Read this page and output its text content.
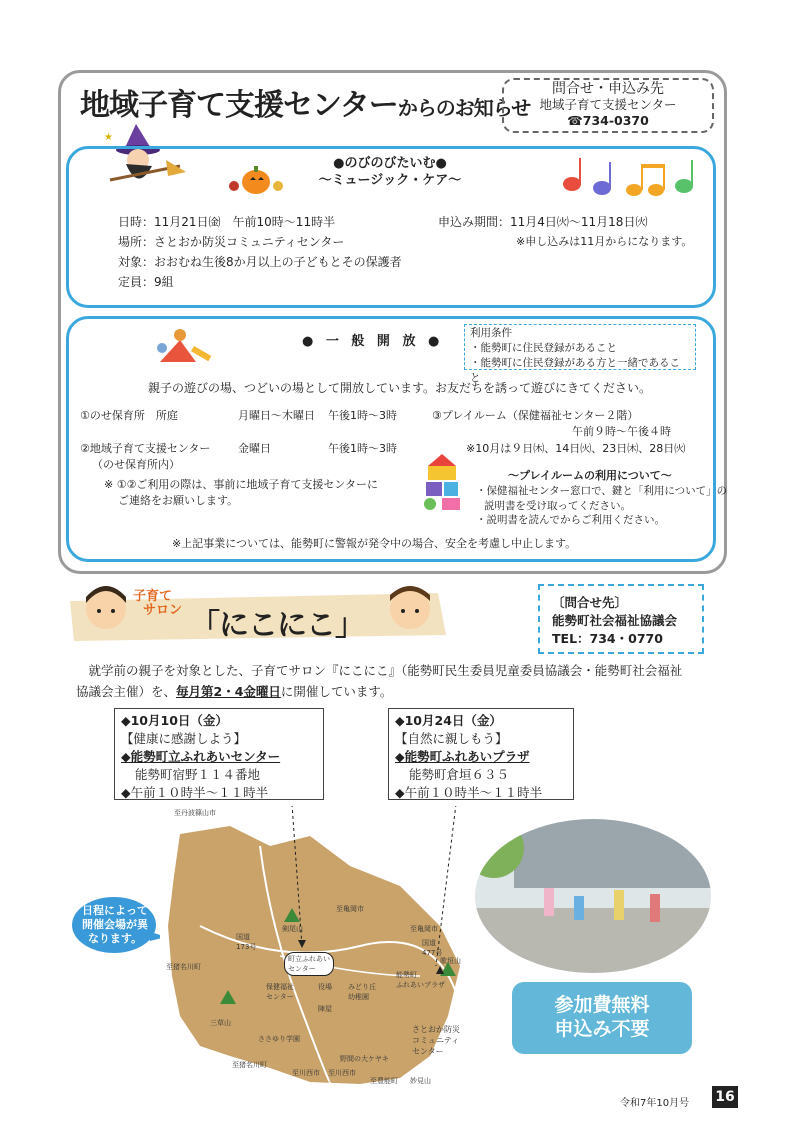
地域子育て支援センターからのお知らせ
問合せ・申込み先
地域子育て支援センター
☎734-0370
★
●のびのびたいむ●
～ミュージック・ケア～
日時：11月21日㈮　午前10時～11時半
場所：さとおか防災コミュニティセンター
対象：おおむね生後8か月以上の子どもとその保護者
定員：9組
申込み期間：11月4日㈫～11月18日㈫
※申し込みは11月からになります。
● 一 般 開 放 ●
利用条件
・能勢町に住民登録があること
・能勢町に住民登録がある方と一緒であること
親子の遊びの場、つどいの場として開放しています。お友だちを誘って遊びにきてください。
①のせ保育所　所庭	月曜日～木曜日 午後1時～3時
②地域子育て支援センター
（のせ保育所内）
金曜日	午後1時～3時
③プレイルーム（保健福祉センター２階）
午前９時～午後４時
※10月は９日㈭、14日㈫、23日㈭、28日㈫
※ ①②ご利用の際は、事前に地域子育て支援センターに
ご連絡をお願いします。
～プレイルームの利用について～
・保健福祉センター窓口で、鍵と「利用について」の
説明書を受け取ってください。
・説明書を読んでからご利用ください。
※上記事業については、能勢町に警報が発令中の場合、安全を考慮し中止します。
子育て
サロン 「にこにこ」
〔問合せ先〕
能勢町社会福祉協議会
TEL：734・0770
　就学前の親子を対象とした、子育てサロン『にこにこ』（能勢町民生委員児童委員協議会・能勢町社会福祉
協議会主催）を、毎月第2・4金曜日に開催しています。
◆10月10日（金）
【健康に感謝しよう】
◆能勢町立ふれあいセンター
能勢町宿野１１４番地
◆午前１０時半～１１時半
◆10月24日（金）
【自然に親しもう】
◆能勢町ふれあいプラザ
能勢町倉垣６３５
◆午前１０時半～１１時半
至丹波篠山市
至亀岡市
至亀岡市
至猪名川町
国道
173号	国道
477号
剣尾山
町立ふれあい
センター
能勢町
ふれあいプラザ
保健福祉
センター
役場 みどり丘
幼稚園
陣屋
さとおか防災
コミュニティ
センター
歌垣山
三草山
ささゆり学園
野間の大ケヤキ
至猪名川町
至川西市 至川西市
至豊能町 妙見山
日程によって開催会場が異なります。
参加費無料
申込み不要
令和7年10月号 16
